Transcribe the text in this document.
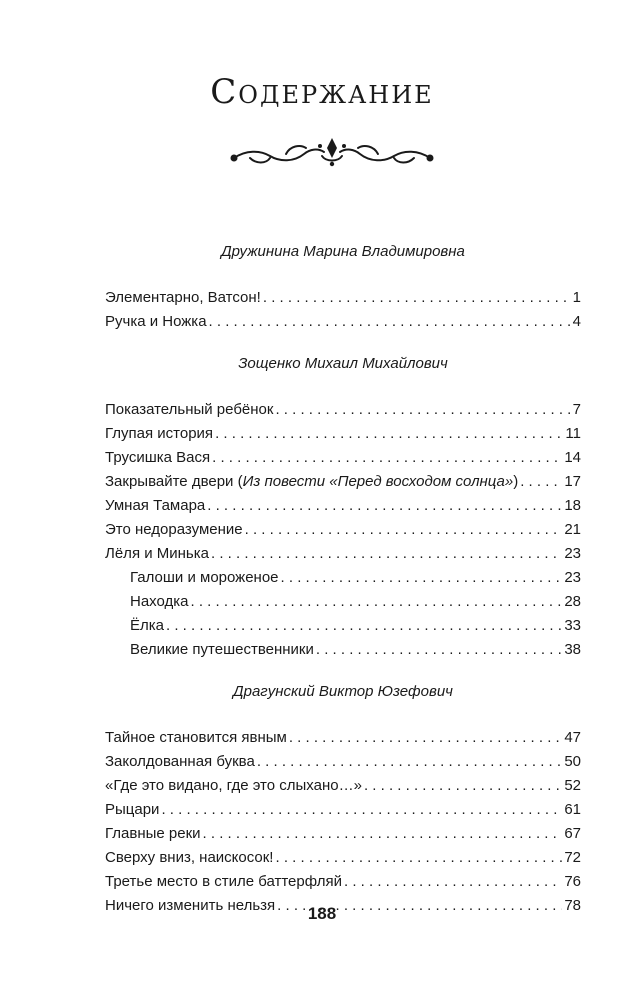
Содержание
Дружинина Марина Владимировна
Элементарно, Ватсон! . . .	1
Ручка и Ножка . . .	4
Зощенко Михаил Михайлович
Показательный ребёнок . . .	7
Глупая история . . .	11
Трусишка Вася . . .	14
Закрывайте двери (Из повести «Перед восходом солнца») . . .	17
Умная Тамара . . .	18
Это недоразумение . . .	21
Лёля и Минька . . .	23
Галоши и мороженое . . .	23
Находка . . .	28
Ёлка . . .	33
Великие путешественники . . .	38
Драгунский Виктор Юзефович
Тайное становится явным . . .	47
Заколдованная буква . . .	50
«Где это видано, где это слыхано…» . . .	52
Рыцари . . .	61
Главные реки . . .	67
Сверху вниз, наискосок! . . .	72
Третье место в стиле баттерфляй . . .	76
Ничего изменить нельзя . . .	78
188
